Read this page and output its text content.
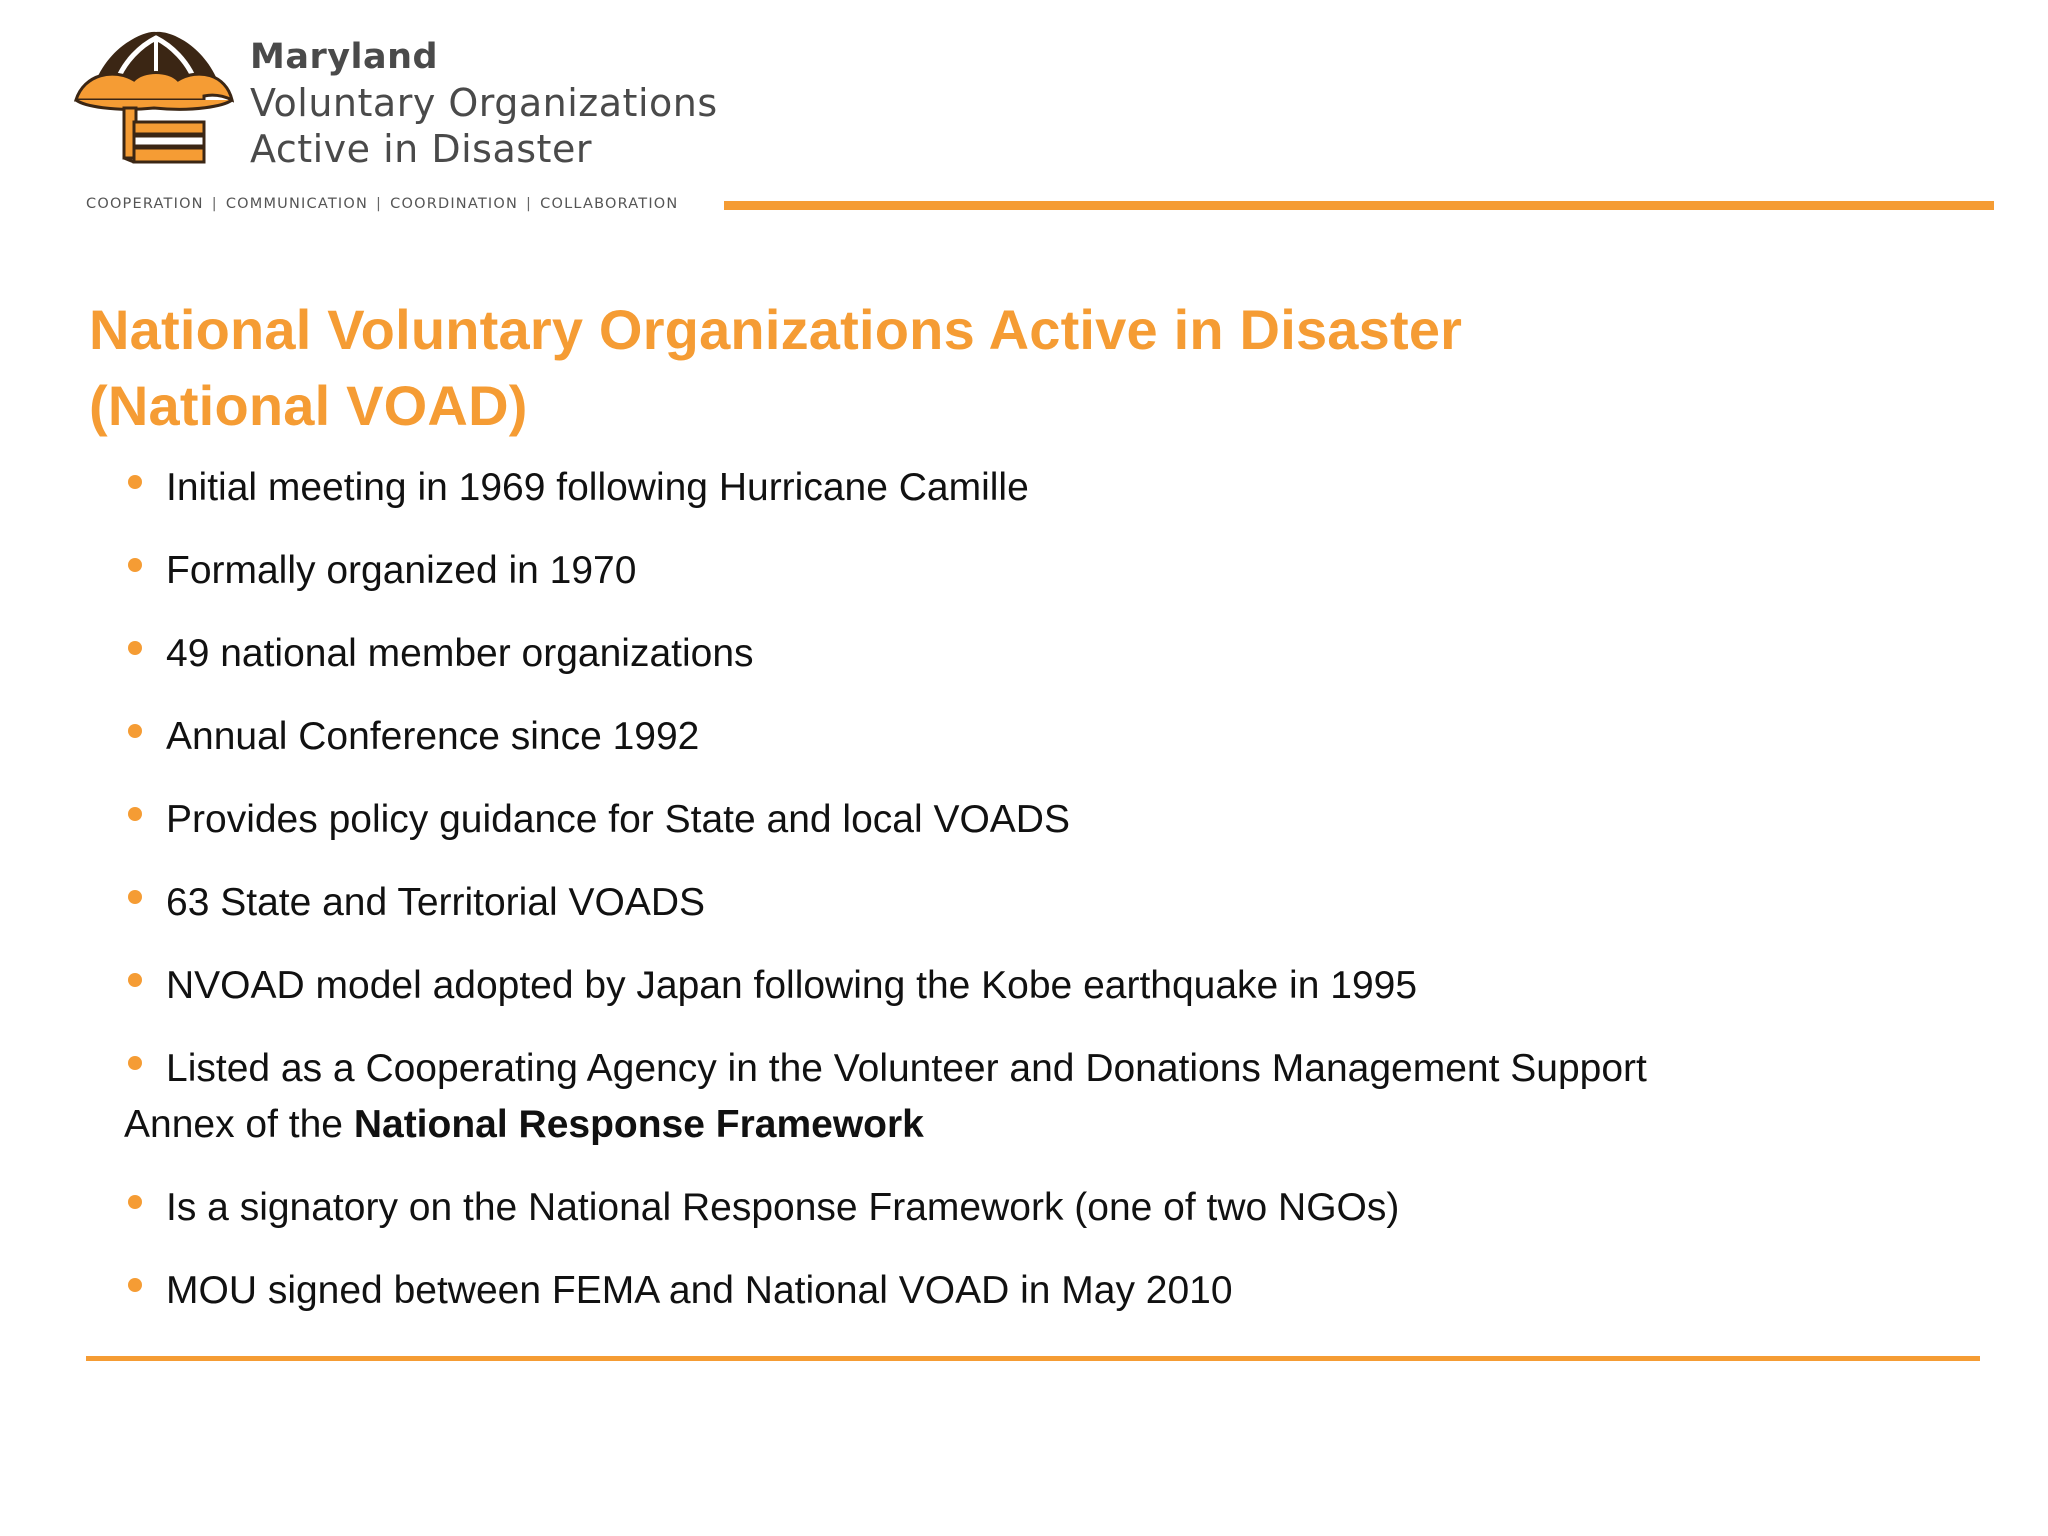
Maryland
Voluntary Organizations
Active in Disaster
COOPERATION | COMMUNICATION | COORDINATION | COLLABORATION
National Voluntary Organizations Active in Disaster
(National VOAD)
Initial meeting in 1969 following Hurricane Camille
Formally organized in 1970
49 national member organizations
Annual Conference since 1992
Provides policy guidance for State and local VOADS
63 State and Territorial VOADS
NVOAD model adopted by Japan following the Kobe earthquake in 1995
Listed as a Cooperating Agency in the Volunteer and Donations Management Support
Annex of the National Response Framework
Is a signatory on the National Response Framework (one of two NGOs)
MOU signed between FEMA and National VOAD in May 2010
